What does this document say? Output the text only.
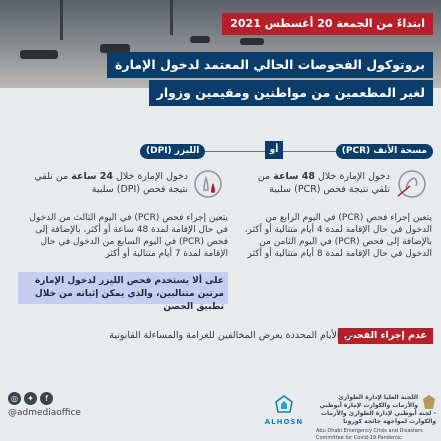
ابتداءً من الجمعة 20 أغسطس 2021
بروتوكول الفحوصات الحالي المعتمد لدخول الإمارة
لغير المطعمين من مواطنين ومقيمين وزوار
مسحة الأنف (PCR)
أو
الليزر (DPI)
دخول الإمارة خلال 48 ساعة من تلقي نتيجة فحص (PCR) سلبية
يتعين إجراء فحص (PCR) في اليوم الرابع من الدخول في حال الإقامة لمدة 4 أيام متتالية أو أكثر، بالإضافة إلى فحص (PCR) في اليوم الثامن من الدخول في حال الإقامة لمدة 8 أيام متتالية أو أكثر
دخول الإمارة خلال 24 ساعة من تلقي نتيجة فحص (DPI) سلبية
يتعين إجراء فحص (PCR) في اليوم الثالث من الدخول في حال الإقامة لمدة 48 ساعة أو أكثر، بالإضافة إلى فحص (PCR) في اليوم السابع من الدخول في حال الإقامة لمدة 7 أيام متتالية أو أكثر
على ألا يستخدم فحص الليزر لدخول الإمارة مرتين متتاليين، والذي يمكن إثباته من خلال تطبيق الحصن
عدم إجراء الفحص
في الأيام المحددة يعرض المخالفين للغرامة والمساءلة القانونية
◎	✦	f
@admediaoffice
ALHOSN
اللجنة العليا لإدارة الطوارئ والأزمات والكوارث لإمارة أبوظبي - لجنة أبوظبي لإدارة الطوارئ والأزمات والكوارث لمواجهة جائحة كورونا
Abu Dhabi Emergency Crisis and Disasters Committee for Covid-19 Pandemic
